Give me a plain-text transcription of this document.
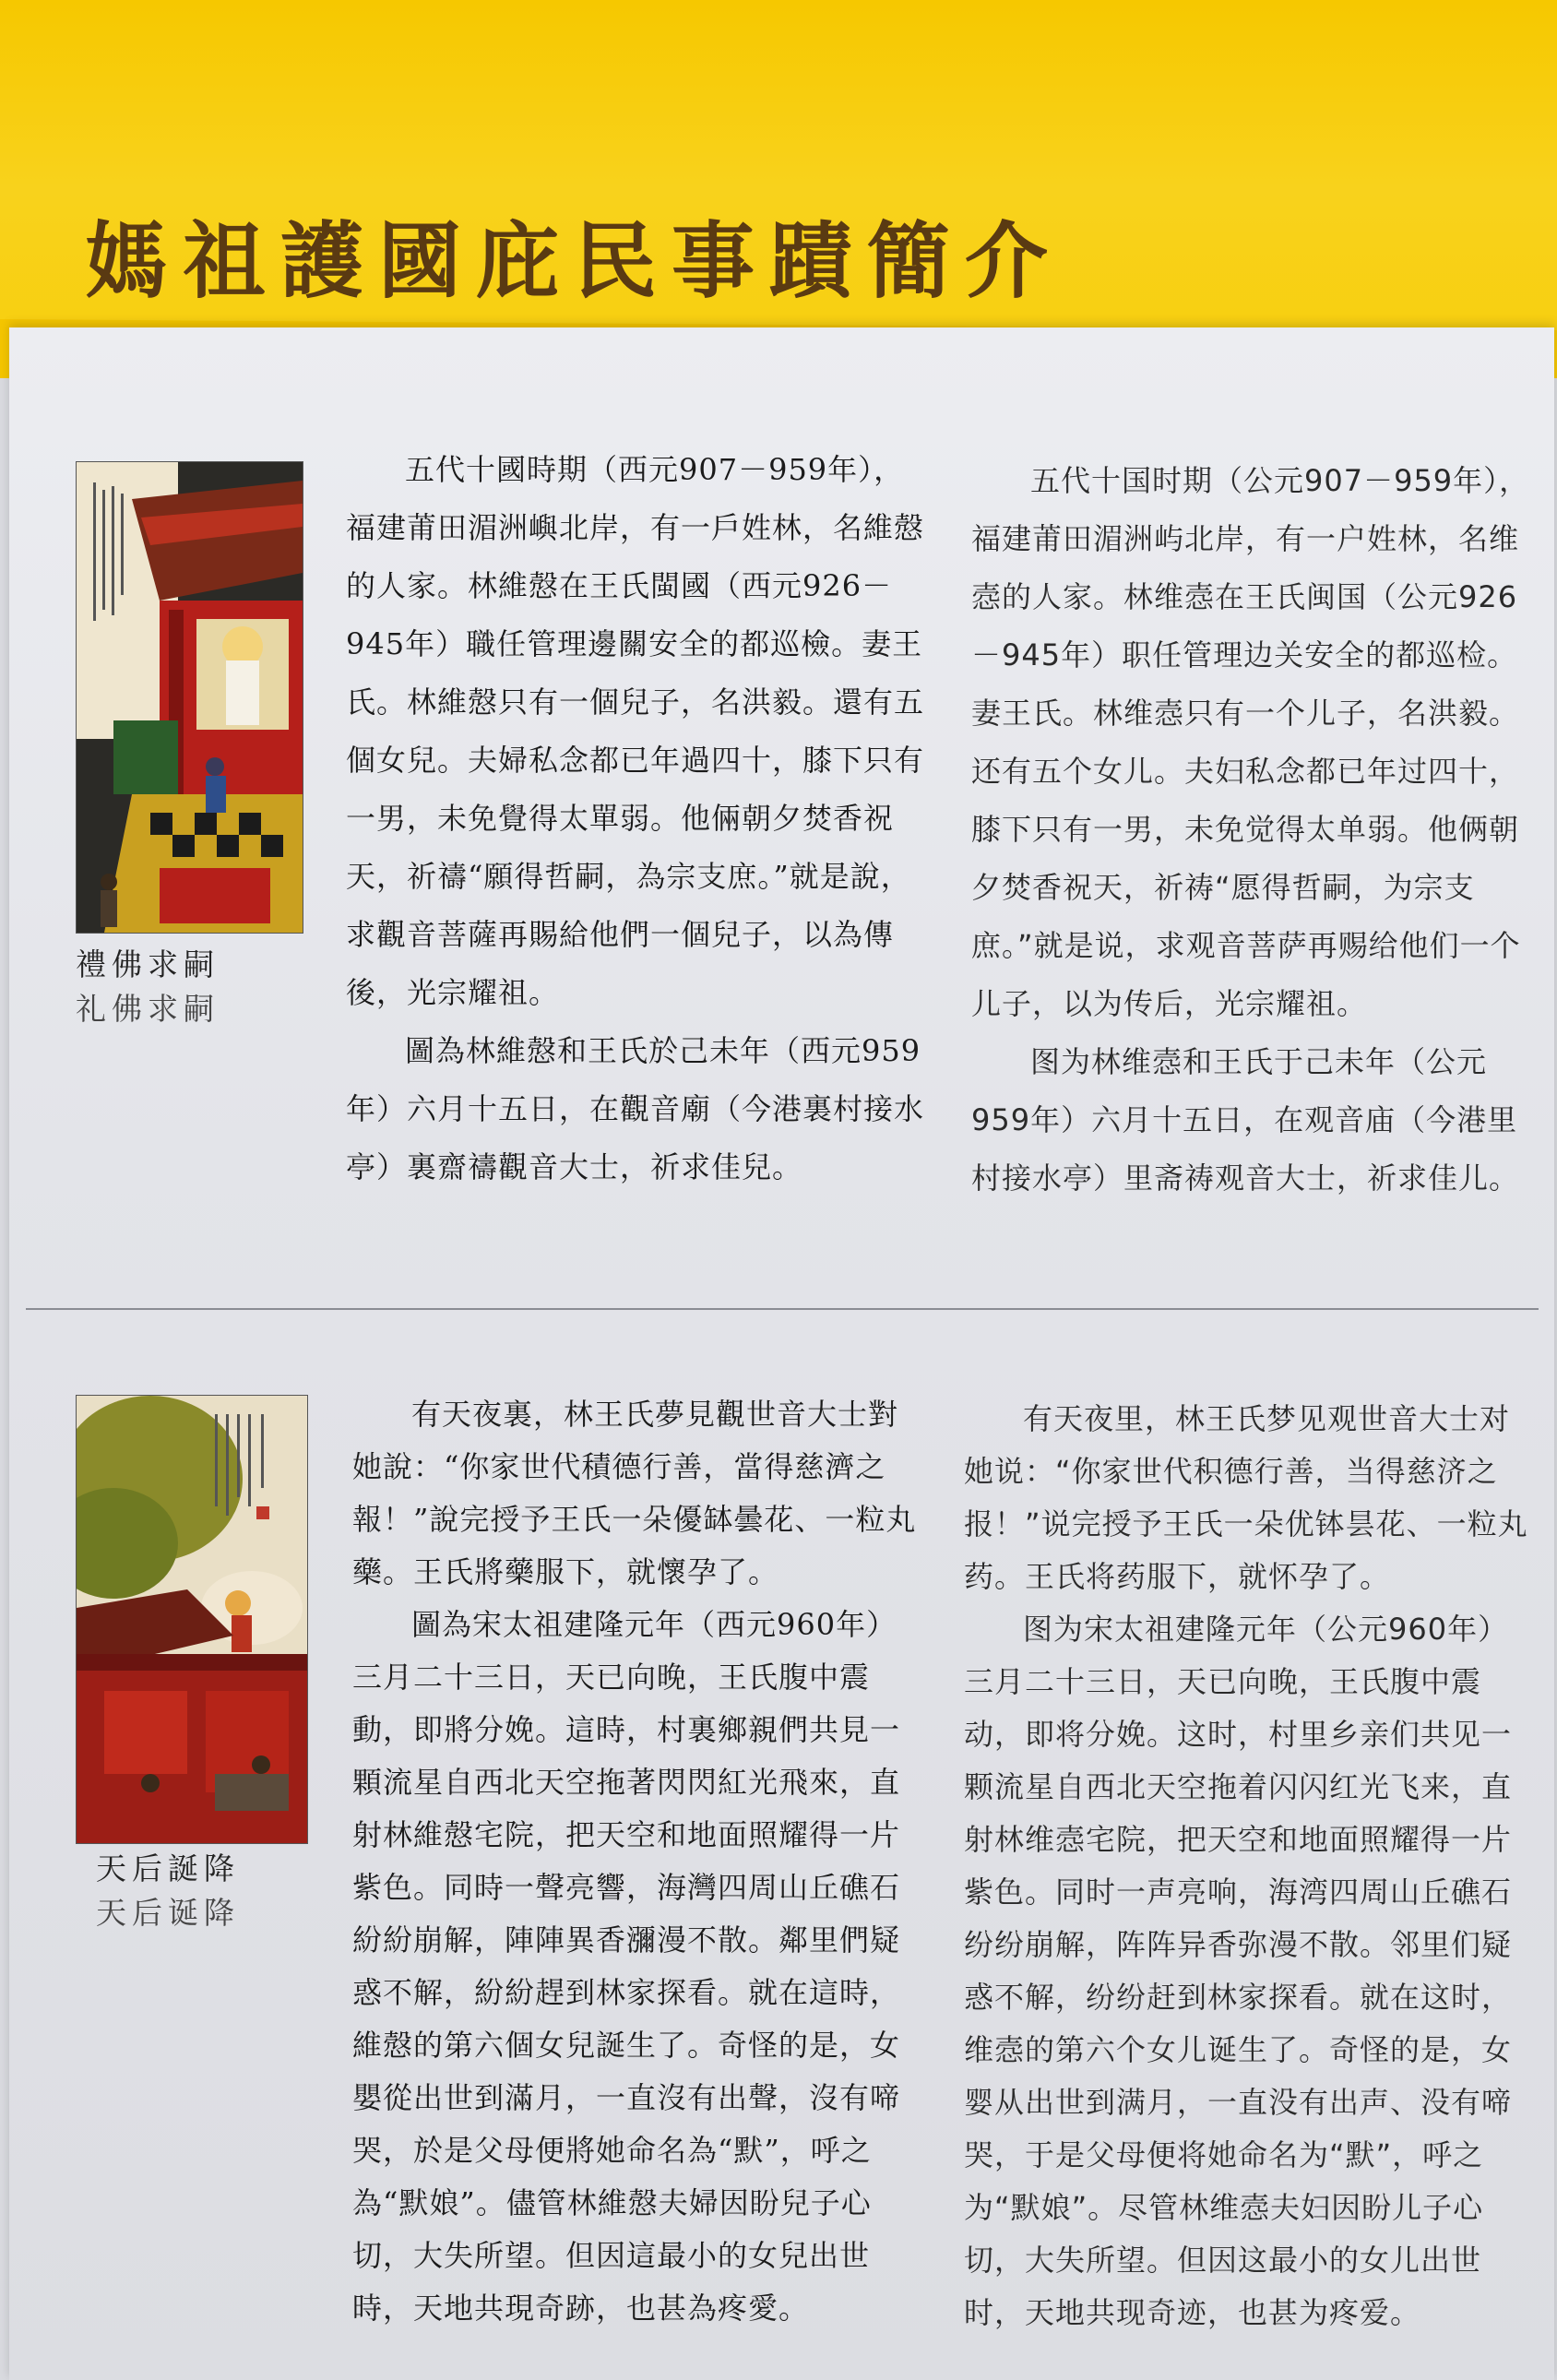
媽祖護國庇民事蹟簡介
禮佛求嗣
礼佛求嗣

五代十國時期（西元907－959年），福建莆田湄洲嶼北岸，有一戶姓林，名維慤的人家。林維慤在王氏閩國（西元926－945年）職任管理邊關安全的都巡檢。妻王氏。林維慤只有一個兒子，名洪毅。還有五個女兒。夫婦私念都已年過四十，膝下只有一男，未免覺得太單弱。他倆朝夕焚香祝天，祈禱“願得哲嗣，為宗支庶。”就是說，求觀音菩薩再賜給他們一個兒子，以為傳後，光宗耀祖。

圖為林維慤和王氏於己未年（西元959年）六月十五日，在觀音廟（今港裏村接水亭）裏齋禱觀音大士，祈求佳兒。

五代十国时期（公元907－959年），福建莆田湄洲屿北岸，有一户姓林，名维悫的人家。林维悫在王氏闽国（公元926－945年）职任管理边关安全的都巡检。妻王氏。林维悫只有一个儿子，名洪毅。还有五个女儿。夫妇私念都已年过四十，膝下只有一男，未免觉得太单弱。他俩朝夕焚香祝天，祈祷“愿得哲嗣，为宗支庶。”就是说，求观音菩萨再赐给他们一个儿子，以为传后，光宗耀祖。

图为林维悫和王氏于己未年（公元959年）六月十五日，在观音庙（今港里村接水亭）里斋祷观音大士，祈求佳儿。

天后誕降
天后诞降

有天夜裏，林王氏夢見觀世音大士對她說：“你家世代積德行善，當得慈濟之報！”說完授予王氏一朵優缽曇花、一粒丸藥。王氏將藥服下，就懷孕了。

圖為宋太祖建隆元年（西元960年）三月二十三日，天已向晚，王氏腹中震動，即將分娩。這時，村裏鄉親們共見一顆流星自西北天空拖著閃閃紅光飛來，直射林維慤宅院，把天空和地面照耀得一片紫色。同時一聲亮響，海灣四周山丘礁石紛紛崩解，陣陣異香瀰漫不散。鄰里們疑惑不解，紛紛趕到林家探看。就在這時，維慤的第六個女兒誕生了。奇怪的是，女嬰從出世到滿月，一直沒有出聲，沒有啼哭，於是父母便將她命名為“默”，呼之為“默娘”。儘管林維慤夫婦因盼兒子心切，大失所望。但因這最小的女兒出世時，天地共現奇跡，也甚為疼愛。

有天夜里，林王氏梦见观世音大士对她说：“你家世代积德行善，当得慈济之报！”说完授予王氏一朵优钵昙花、一粒丸药。王氏将药服下，就怀孕了。

图为宋太祖建隆元年（公元960年）三月二十三日，天已向晚，王氏腹中震动，即将分娩。这时，村里乡亲们共见一颗流星自西北天空拖着闪闪红光飞来，直射林维悫宅院，把天空和地面照耀得一片紫色。同时一声亮响，海湾四周山丘礁石纷纷崩解，阵阵异香弥漫不散。邻里们疑惑不解，纷纷赶到林家探看。就在这时，维悫的第六个女儿诞生了。奇怪的是，女婴从出世到满月，一直没有出声、没有啼哭，于是父母便将她命名为“默”，呼之为“默娘”。尽管林维悫夫妇因盼儿子心切，大失所望。但因这最小的女儿出世时，天地共现奇迹，也甚为疼爱。
